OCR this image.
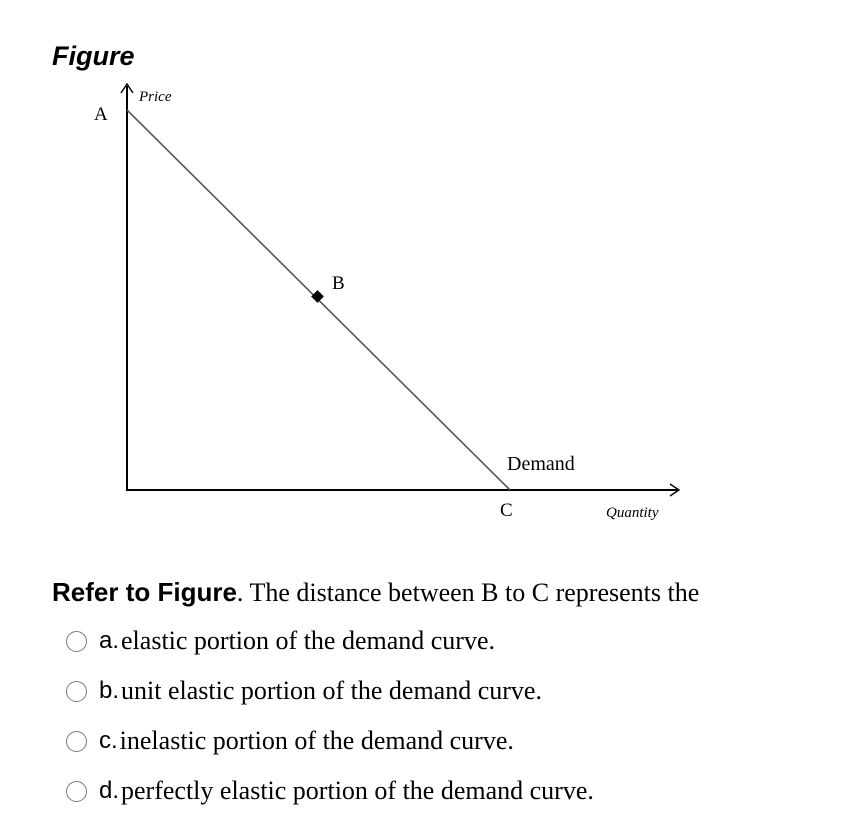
Figure
A
Price
B
Demand
C	Quantity
Refer to Figure. The distance between B to C represents the
a. elastic portion of the demand curve.
b. unit elastic portion of the demand curve.
c. inelastic portion of the demand curve.
d. perfectly elastic portion of the demand curve.
